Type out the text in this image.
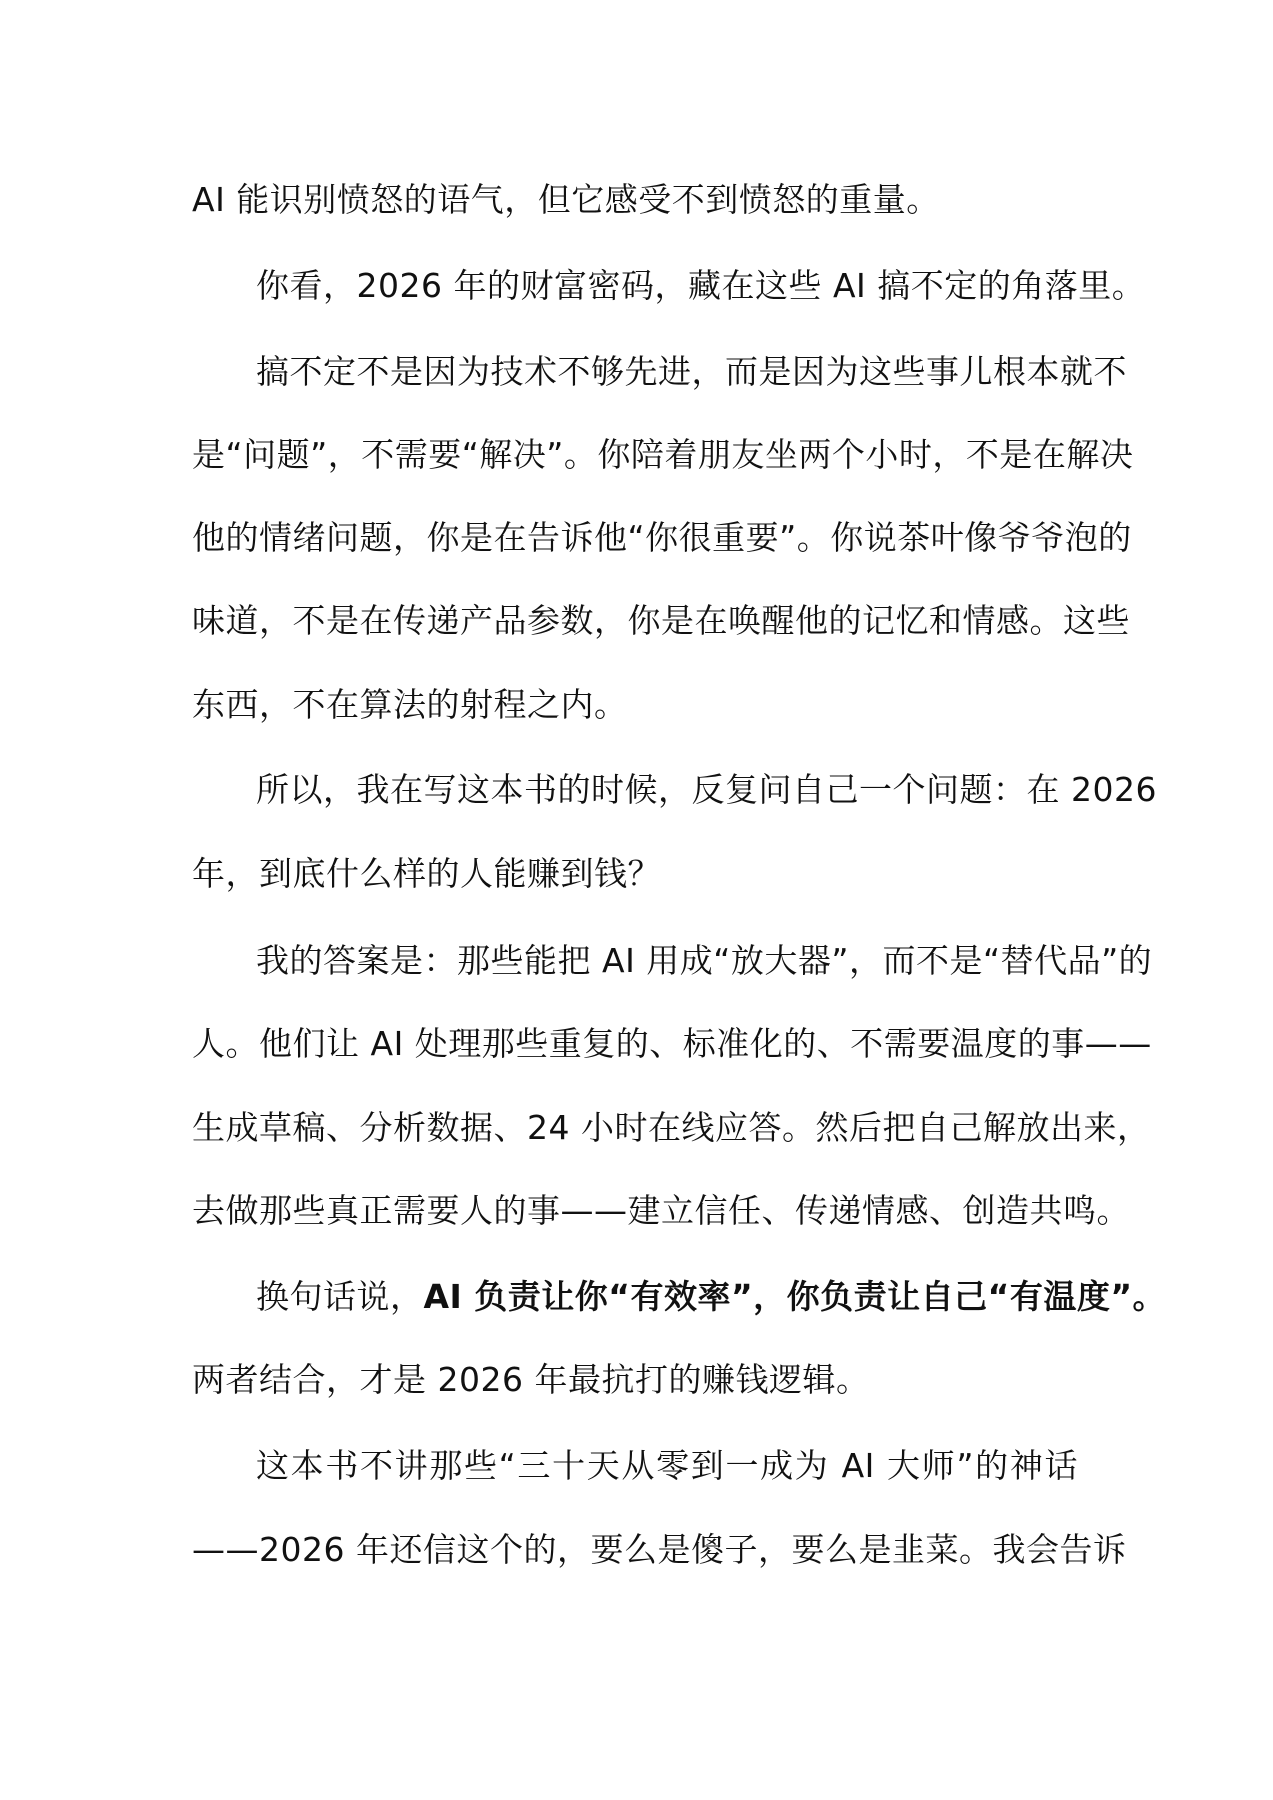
AI 能识别愤怒的语气，但它感受不到愤怒的重量。
你看，2026 年的财富密码，藏在这些 AI 搞不定的角落里。
搞不定不是因为技术不够先进，而是因为这些事儿根本就不
是“问题”，不需要“解决”。你陪着朋友坐两个小时，不是在解决
他的情绪问题，你是在告诉他“你很重要”。你说茶叶像爷爷泡的
味道，不是在传递产品参数，你是在唤醒他的记忆和情感。这些
东西，不在算法的射程之内。
所以，我在写这本书的时候，反复问自己一个问题：在 2026
年，到底什么样的人能赚到钱？
我的答案是：那些能把 AI 用成“放大器”，而不是“替代品”的
人。他们让 AI 处理那些重复的、标准化的、不需要温度的事——
生成草稿、分析数据、24 小时在线应答。然后把自己解放出来，
去做那些真正需要人的事——建立信任、传递情感、创造共鸣。
换句话说，AI 负责让你“有效率”，你负责让自己“有温度”。
两者结合，才是 2026 年最抗打的赚钱逻辑。
这本书不讲那些“三十天从零到一成为 AI 大师”的神话
——2026 年还信这个的，要么是傻子，要么是韭菜。我会告诉
